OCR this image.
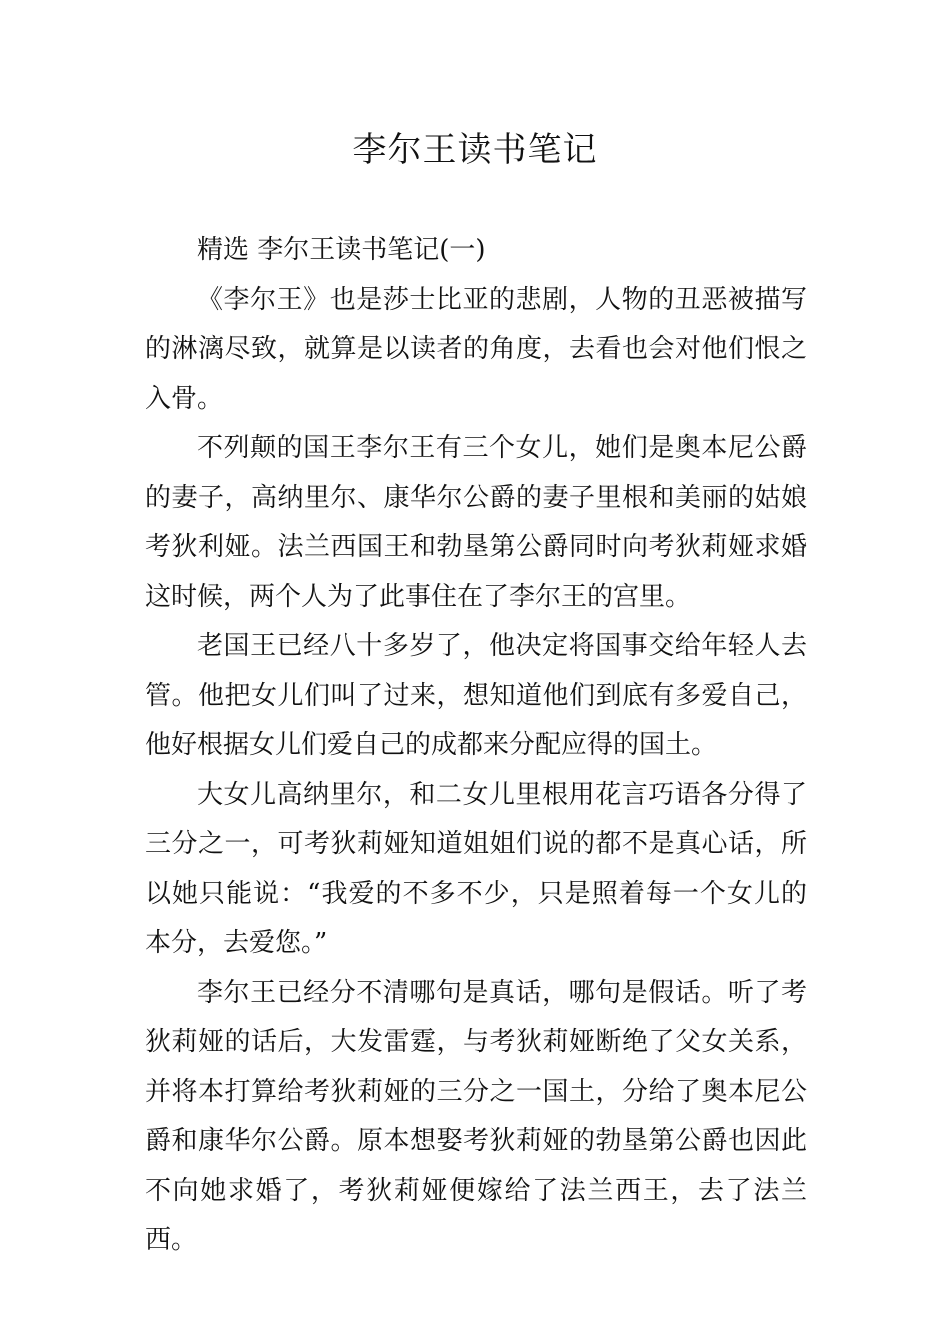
李尔王读书笔记

精选 李尔王读书笔记(一)

《李尔王》也是莎士比亚的悲剧，人物的丑恶被描写的淋漓尽致，就算是以读者的角度，去看也会对他们恨之入骨。

不列颠的国王李尔王有三个女儿，她们是奥本尼公爵的妻子，高纳里尔、康华尔公爵的妻子里根和美丽的姑娘考狄利娅。法兰西国王和勃垦第公爵同时向考狄莉娅求婚这时候，两个人为了此事住在了李尔王的宫里。

老国王已经八十多岁了，他决定将国事交给年轻人去管。他把女儿们叫了过来，想知道他们到底有多爱自己，他好根据女儿们爱自己的成都来分配应得的国土。

大女儿高纳里尔，和二女儿里根用花言巧语各分得了三分之一，可考狄莉娅知道姐姐们说的都不是真心话，所以她只能说：“我爱的不多不少，只是照着每一个女儿的本分，去爱您。”

李尔王已经分不清哪句是真话，哪句是假话。听了考狄莉娅的话后，大发雷霆，与考狄莉娅断绝了父女关系，并将本打算给考狄莉娅的三分之一国土，分给了奥本尼公爵和康华尔公爵。原本想娶考狄莉娅的勃垦第公爵也因此不向她求婚了，考狄莉娅便嫁给了法兰西王，去了法兰西。
